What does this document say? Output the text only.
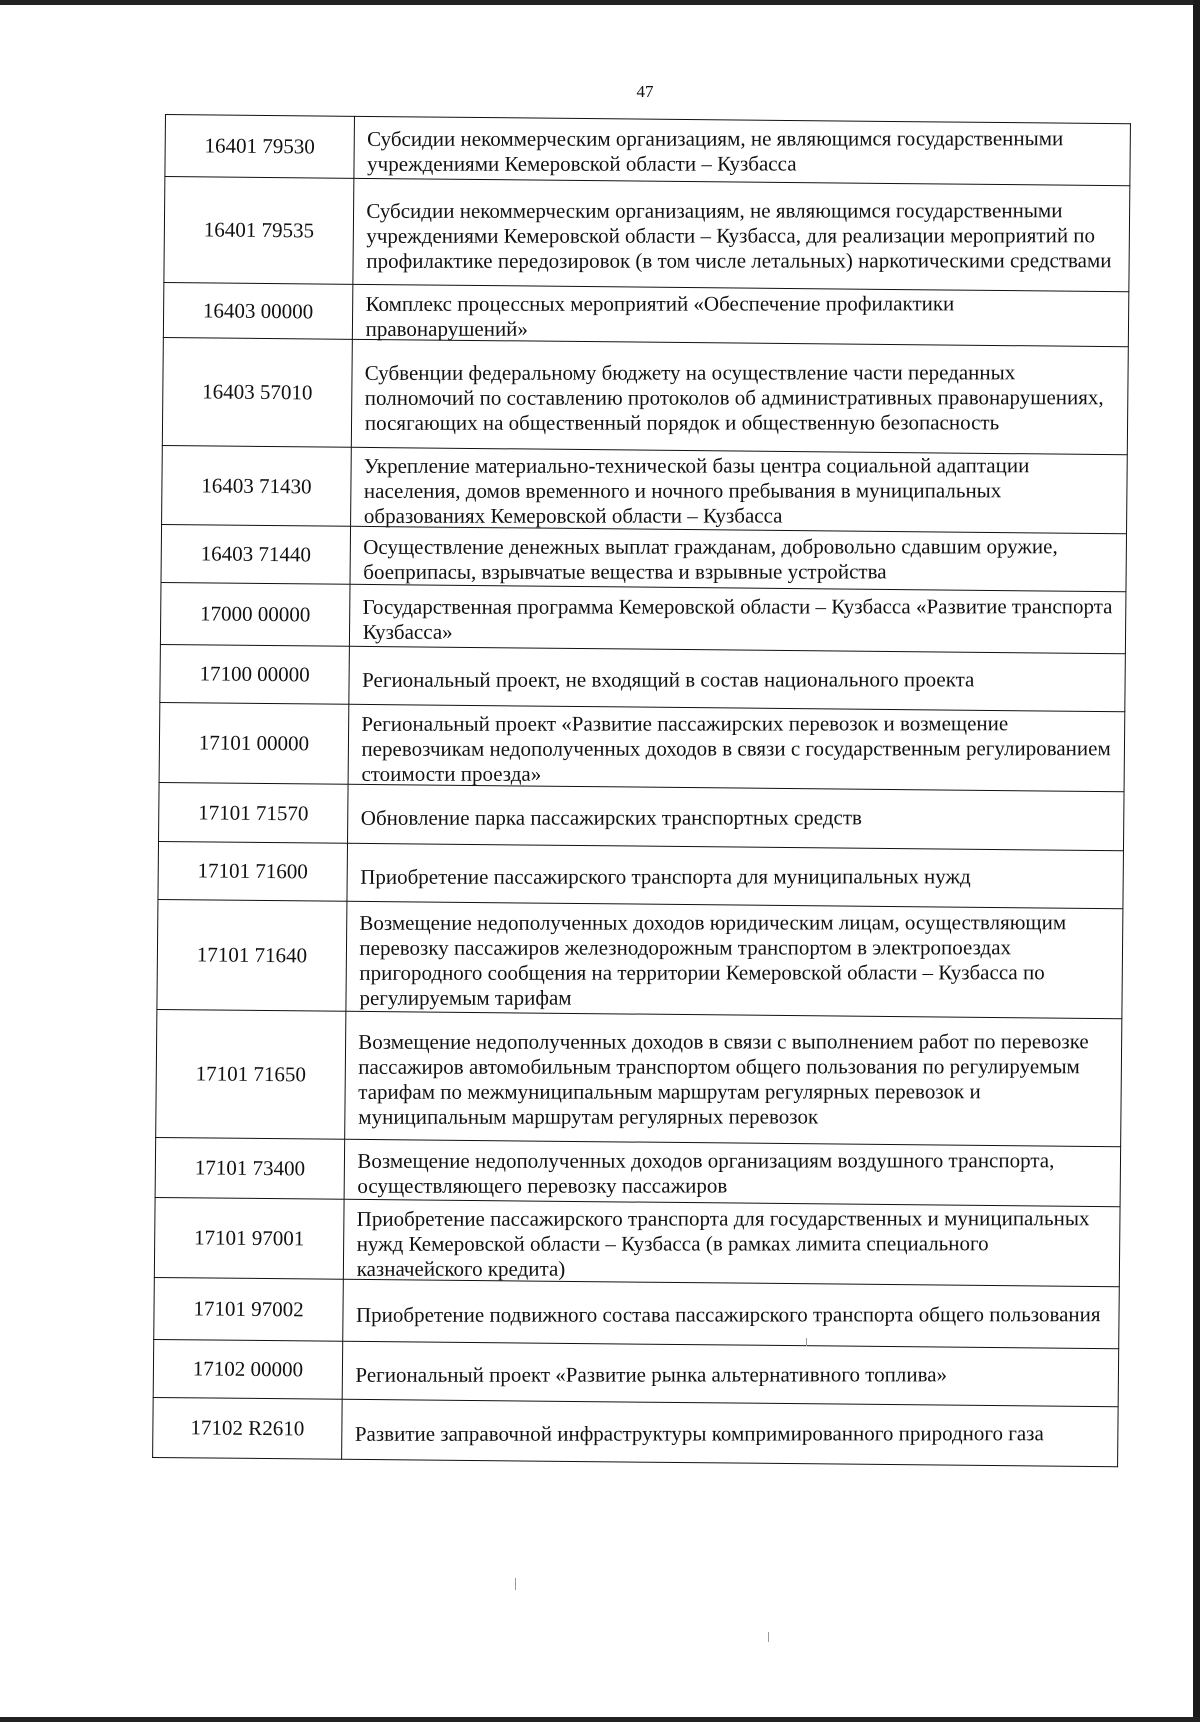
47
16401 79530	Субсидии некоммерческим организациям, не являющимся государственными учреждениями Кемеровской области – Кузбасса
16401 79535	Субсидии некоммерческим организациям, не являющимся государственными учреждениями Кемеровской области – Кузбасса, для реализации мероприятий по профилактике передозировок (в том числе летальных) наркотическими средствами
16403 00000	Комплекс процессных мероприятий «Обеспечение профилактики правонарушений»
16403 57010	Субвенции федеральному бюджету на осуществление части переданных полномочий по составлению протоколов об административных правонарушениях, посягающих на общественный порядок и общественную безопасность
16403 71430	Укрепление материально-технической базы центра социальной адаптации населения, домов временного и ночного пребывания в муниципальных образованиях Кемеровской области – Кузбасса
16403 71440	Осуществление денежных выплат гражданам, добровольно сдавшим оружие, боеприпасы, взрывчатые вещества и взрывные устройства
17000 00000	Государственная программа Кемеровской области – Кузбасса «Развитие транспорта Кузбасса»
17100 00000	Региональный проект, не входящий в состав национального проекта
17101 00000	Региональный проект «Развитие пассажирских перевозок и возмещение перевозчикам недополученных доходов в связи с государственным регулированием стоимости проезда»
17101 71570	Обновление парка пассажирских транспортных средств
17101 71600	Приобретение пассажирского транспорта для муниципальных нужд
17101 71640	Возмещение недополученных доходов юридическим лицам, осуществляющим перевозку пассажиров железнодорожным транспортом в электропоездах пригородного сообщения на территории Кемеровской области – Кузбасса по регулируемым тарифам
17101 71650	Возмещение недополученных доходов в связи с выполнением работ по перевозке пассажиров автомобильным транспортом общего пользования по регулируемым тарифам по межмуниципальным маршрутам регулярных перевозок и муниципальным маршрутам регулярных перевозок
17101 73400	Возмещение недополученных доходов организациям воздушного транспорта, осуществляющего перевозку пассажиров
17101 97001	Приобретение пассажирского транспорта для государственных и муниципальных нужд Кемеровской области – Кузбасса (в рамках лимита специального казначейского кредита)
17101 97002	Приобретение подвижного состава пассажирского транспорта общего пользования
17102 00000	Региональный проект «Развитие рынка альтернативного топлива»
17102 R2610	Развитие заправочной инфраструктуры компримированного природного газа
